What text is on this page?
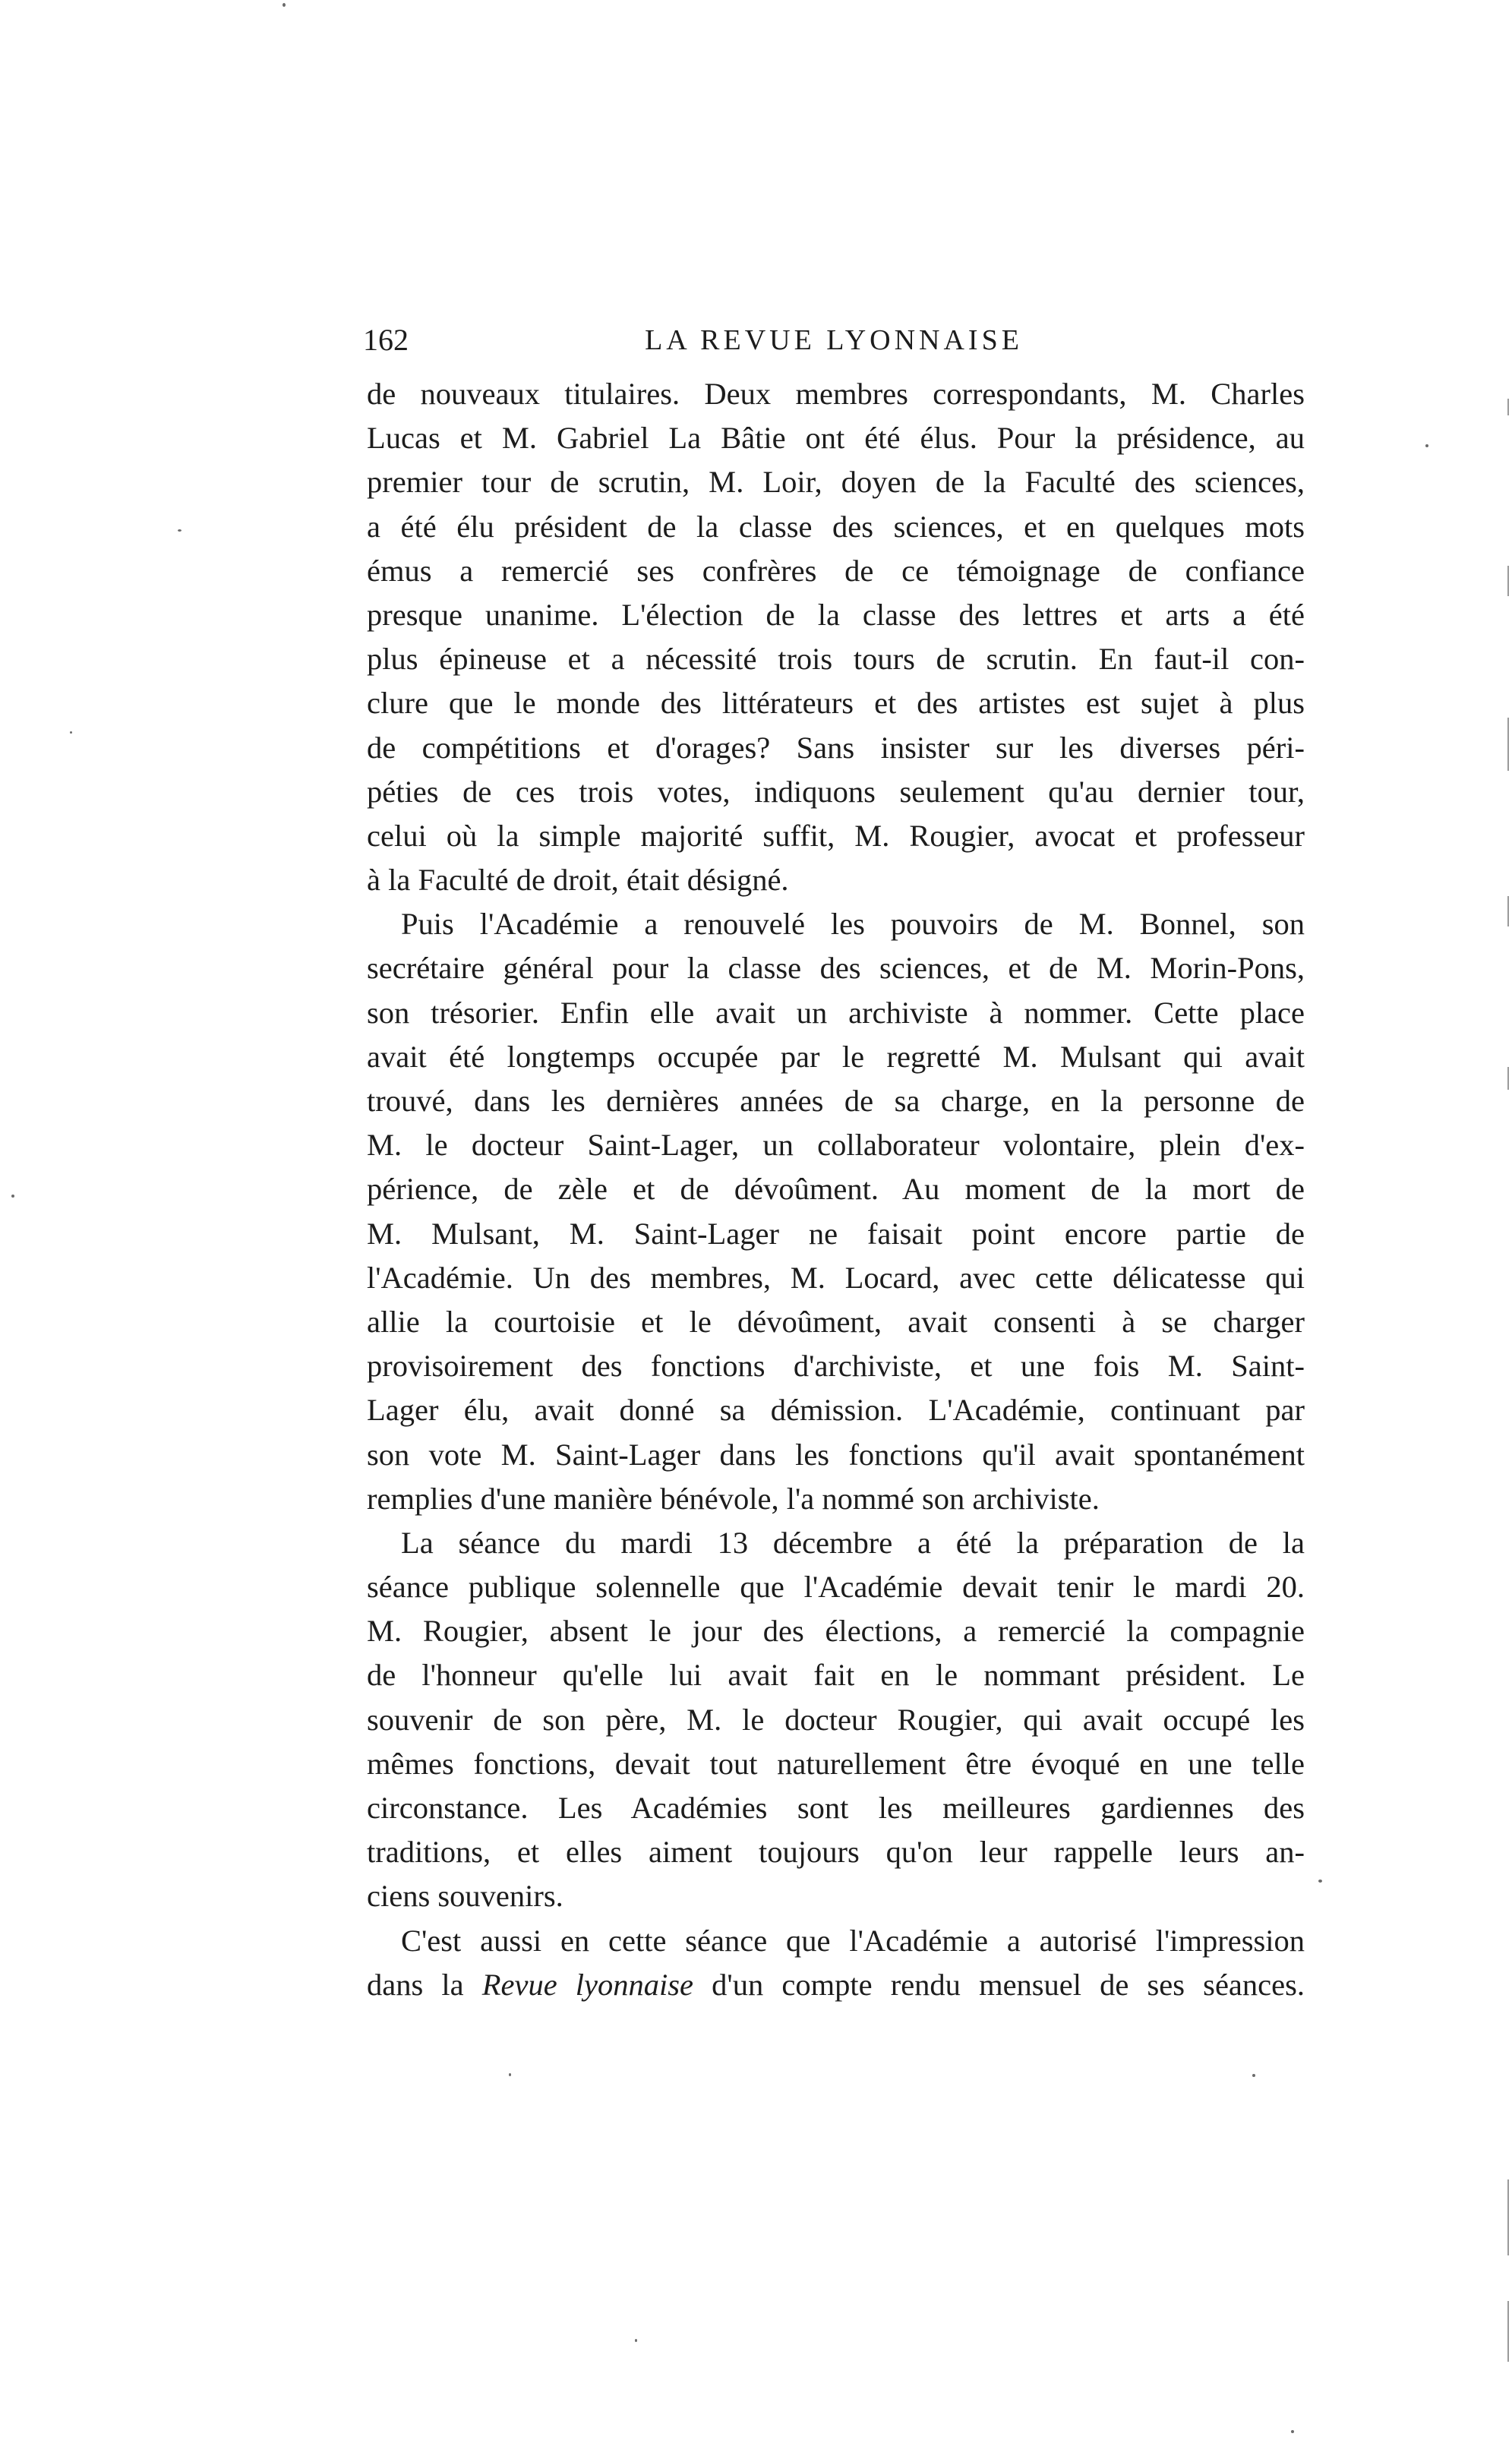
162	LA REVUE LYONNAISE
de nouveaux titulaires. Deux membres correspondants, M. Charles
Lucas et M. Gabriel La Bâtie ont été élus. Pour la présidence, au
premier tour de scrutin, M. Loir, doyen de la Faculté des sciences,
a été élu président de la classe des sciences, et en quelques mots
émus a remercié ses confrères de ce témoignage de confiance
presque unanime. L'élection de la classe des lettres et arts a été
plus épineuse et a nécessité trois tours de scrutin. En faut-il con-
clure que le monde des littérateurs et des artistes est sujet à plus
de compétitions et d'orages? Sans insister sur les diverses péri-
péties de ces trois votes, indiquons seulement qu'au dernier tour,
celui où la simple majorité suffit, M. Rougier, avocat et professeur
à la Faculté de droit, était désigné.
Puis l'Académie a renouvelé les pouvoirs de M. Bonnel, son
secrétaire général pour la classe des sciences, et de M. Morin-Pons,
son trésorier. Enfin elle avait un archiviste à nommer. Cette place
avait été longtemps occupée par le regretté M. Mulsant qui avait
trouvé, dans les dernières années de sa charge, en la personne de
M. le docteur Saint-Lager, un collaborateur volontaire, plein d'ex-
périence, de zèle et de dévoûment. Au moment de la mort de
M. Mulsant, M. Saint-Lager ne faisait point encore partie de
l'Académie. Un des membres, M. Locard, avec cette délicatesse qui
allie la courtoisie et le dévoûment, avait consenti à se charger
provisoirement des fonctions d'archiviste, et une fois M. Saint-
Lager élu, avait donné sa démission. L'Académie, continuant par
son vote M. Saint-Lager dans les fonctions qu'il avait spontanément
remplies d'une manière bénévole, l'a nommé son archiviste.
La séance du mardi 13 décembre a été la préparation de la
séance publique solennelle que l'Académie devait tenir le mardi 20.
M. Rougier, absent le jour des élections, a remercié la compagnie
de l'honneur qu'elle lui avait fait en le nommant président. Le
souvenir de son père, M. le docteur Rougier, qui avait occupé les
mêmes fonctions, devait tout naturellement être évoqué en une telle
circonstance. Les Académies sont les meilleures gardiennes des
traditions, et elles aiment toujours qu'on leur rappelle leurs an-
ciens souvenirs.
C'est aussi en cette séance que l'Académie a autorisé l'impression
dans la Revue lyonnaise d'un compte rendu mensuel de ses séances.
